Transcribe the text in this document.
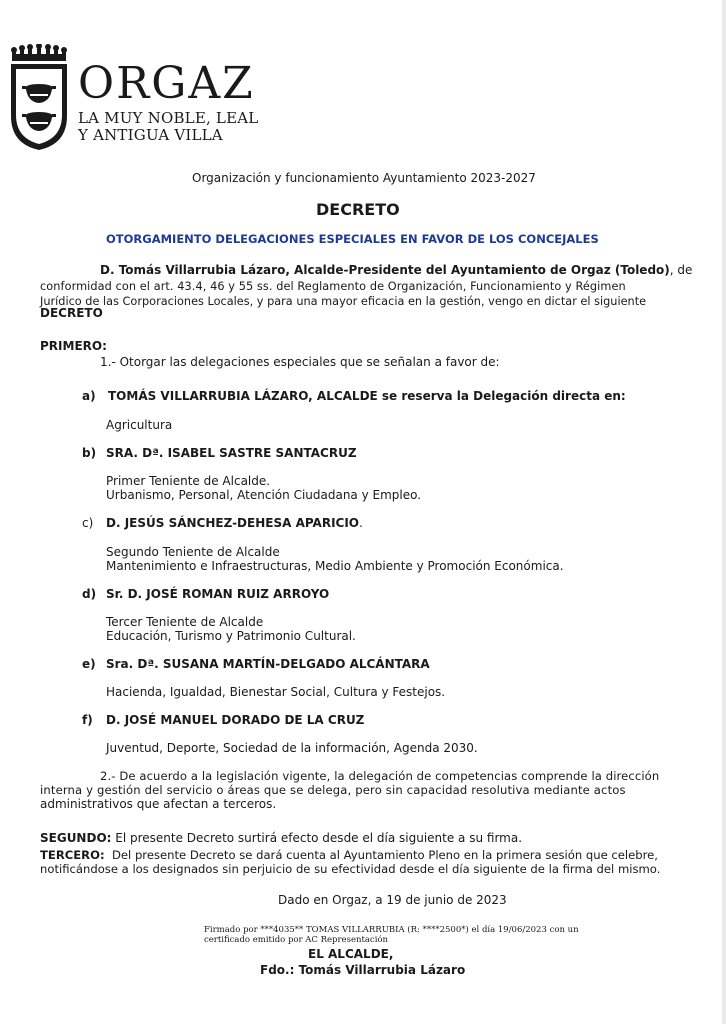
ORGAZ
LA MUY NOBLE, LEAL
Y ANTIGUA VILLA
Organización y funcionamiento Ayuntamiento 2023-2027
DECRETO
OTORGAMIENTO DELEGACIONES ESPECIALES EN FAVOR DE LOS CONCEJALES
D. Tomás Villarrubia Lázaro, Alcalde-Presidente del Ayuntamiento de Orgaz (Toledo), de
conformidad con el art. 43.4, 46 y 55 ss. del Reglamento de Organización, Funcionamiento y Régimen
Jurídico de las Corporaciones Locales, y para una mayor eficacia en la gestión, vengo en dictar el siguiente
DECRETO
PRIMERO:
1.- Otorgar las delegaciones especiales que se señalan a favor de:
a) TOMÁS VILLARRUBIA LÁZARO, ALCALDE se reserva la Delegación directa en:
Agricultura
b) SRA. Dª. ISABEL SASTRE SANTACRUZ
Primer Teniente de Alcalde.
Urbanismo, Personal, Atención Ciudadana y Empleo.
c) D. JESÚS SÁNCHEZ-DEHESA APARICIO.
Segundo Teniente de Alcalde
Mantenimiento e Infraestructuras, Medio Ambiente y Promoción Económica.
d) Sr. D. JOSÉ ROMAN RUIZ ARROYO
Tercer Teniente de Alcalde
Educación, Turismo y Patrimonio Cultural.
e) Sra. Dª. SUSANA MARTÍN-DELGADO ALCÁNTARA
Hacienda, Igualdad, Bienestar Social, Cultura y Festejos.
f) D. JOSÉ MANUEL DORADO DE LA CRUZ
Juventud, Deporte, Sociedad de la información, Agenda 2030.
2.- De acuerdo a la legislación vigente, la delegación de competencias comprende la dirección
interna y gestión del servicio o áreas que se delega, pero sin capacidad resolutiva mediante actos
administrativos que afectan a terceros.
SEGUNDO: El presente Decreto surtirá efecto desde el día siguiente a su firma.
TERCERO:  Del presente Decreto se dará cuenta al Ayuntamiento Pleno en la primera sesión que celebre,
notificándose a los designados sin perjuicio de su efectividad desde el día siguiente de la firma del mismo.
Dado en Orgaz, a 19 de junio de 2023
Firmado por ***4035** TOMAS VILLARRUBIA (R: ****2500*) el día 19/06/2023 con un
certificado emitido por AC Representación
EL ALCALDE,
Fdo.: Tomás Villarrubia Lázaro
